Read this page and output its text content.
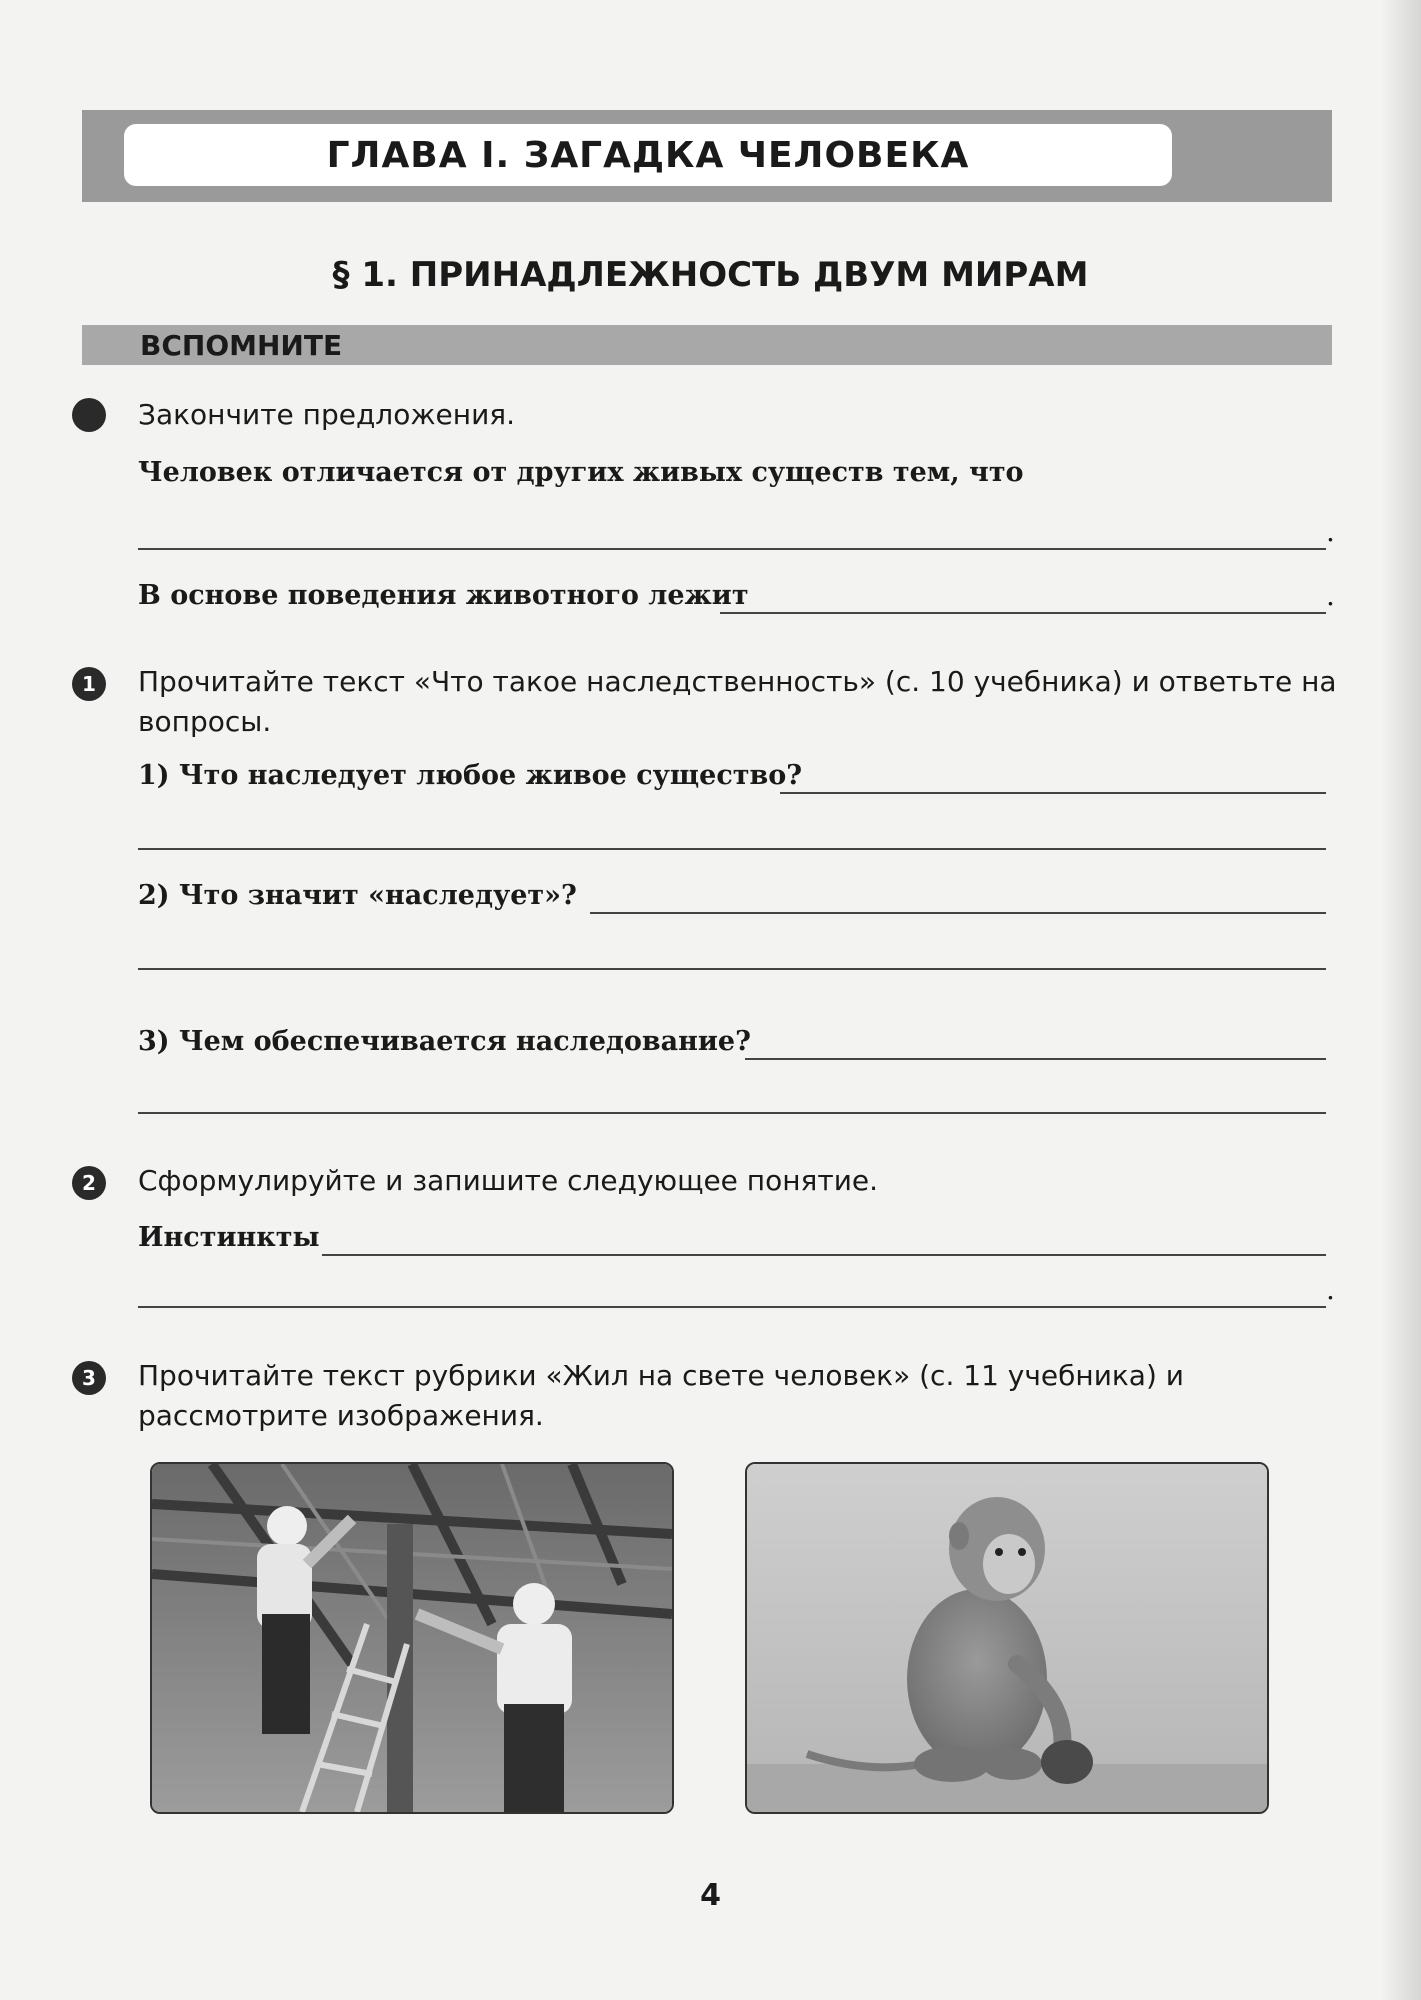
ГЛАВА I. ЗАГАДКА ЧЕЛОВЕКА
§ 1. ПРИНАДЛЕЖНОСТЬ ДВУМ МИРАМ
ВСПОМНИТЕ
Закончите предложения.
Человек отличается от других живых существ тем, что
.
В основе поведения животного лежит	.
1	Прочитайте текст «Что такое наследственность» (с. 10 учебника) и ответьте на вопросы.
1) Что наследует любое живое существо?
2) Что значит «наследует»?
3) Чем обеспечивается наследование?
2	Сформулируйте и запишите следующее понятие.
Инстинкты
.
3	Прочитайте текст рубрики «Жил на свете человек» (с. 11 учебника) и рассмотрите изображения.
4
